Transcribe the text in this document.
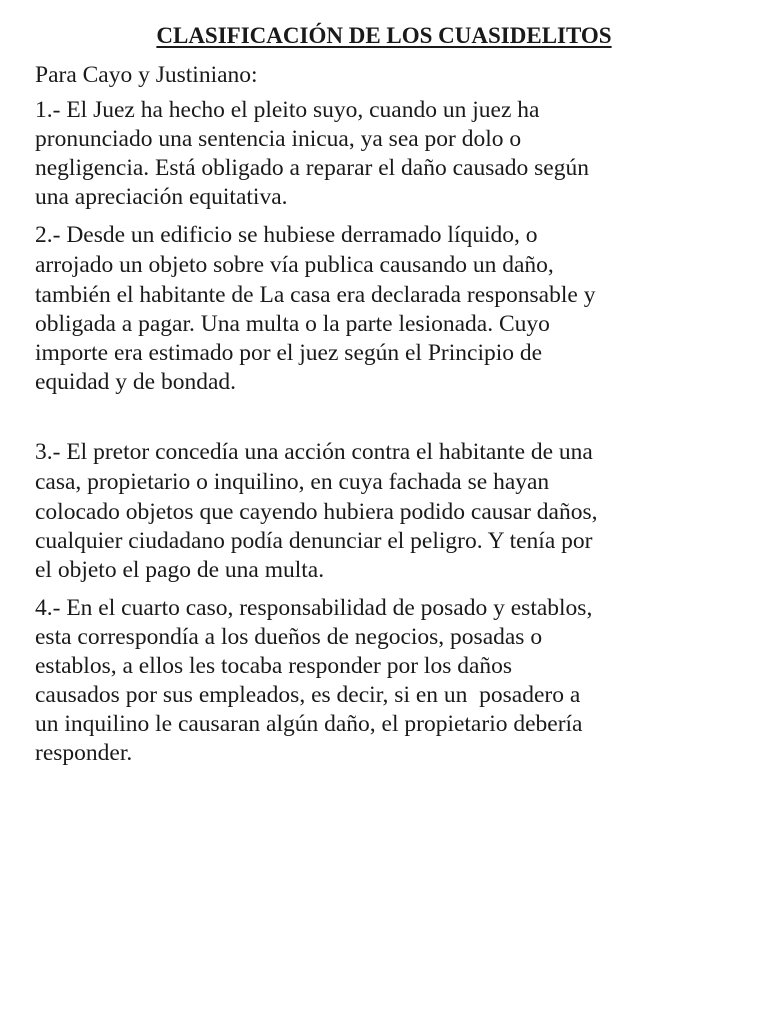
CLASIFICACIÓN DE LOS CUASIDELITOS
Para Cayo y Justiniano:
1.- El Juez ha hecho el pleito suyo, cuando un juez ha
pronunciado una sentencia inicua, ya sea por dolo o
negligencia. Está obligado a reparar el daño causado según
una apreciación equitativa.
2.- Desde un edificio se hubiese derramado líquido, o
arrojado un objeto sobre vía publica causando un daño,
también el habitante de La casa era declarada responsable y
obligada a pagar. Una multa o la parte lesionada. Cuyo
importe era estimado por el juez según el Principio de
equidad y de bondad.
3.- El pretor concedía una acción contra el habitante de una
casa, propietario o inquilino, en cuya fachada se hayan
colocado objetos que cayendo hubiera podido causar daños,
cualquier ciudadano podía denunciar el peligro. Y tenía por
el objeto el pago de una multa.
4.- En el cuarto caso, responsabilidad de posado y establos,
esta correspondía a los dueños de negocios, posadas o
establos, a ellos les tocaba responder por los daños
causados por sus empleados, es decir, si en un  posadero a
un inquilino le causaran algún daño, el propietario debería
responder.
